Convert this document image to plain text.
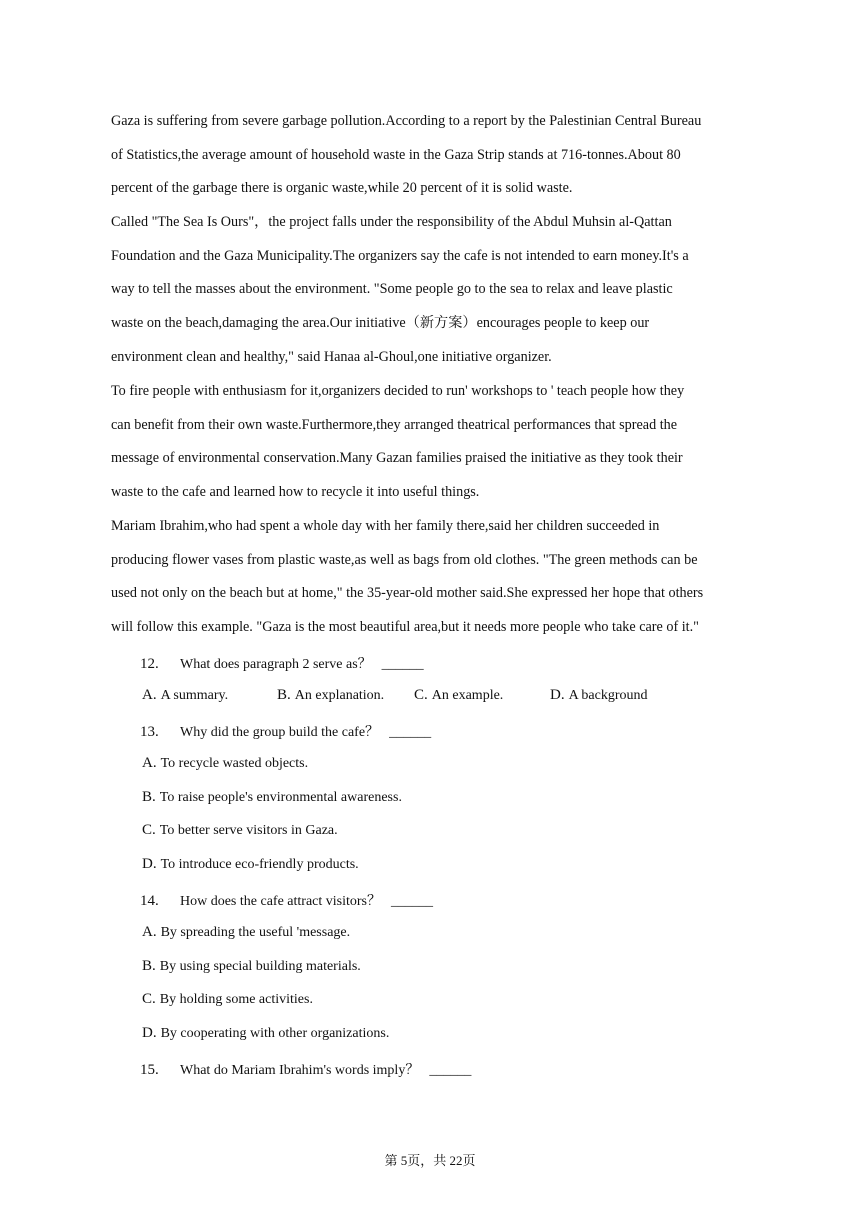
Gaza is suffering from severe garbage pollution.According to a report by the Palestinian Central Bureau
of Statistics,the average amount of household waste in the Gaza Strip stands at 716-tonnes.About 80
percent of the garbage there is organic waste,while 20 percent of it is solid waste.

Called "The Sea Is Ours"，the project falls under the responsibility of the Abdul Muhsin al-Qattan
Foundation and the Gaza Municipality.The organizers say the cafe is not intended to earn money.It's a
way to tell the masses about the environment. "Some people go to the sea to relax and leave plastic
waste on the beach,damaging the area.Our initiative（新方案）encourages people to keep our
environment clean and healthy," said Hanaa al-Ghoul,one initiative organizer.

To fire people with enthusiasm for it,organizers decided to run' workshops to ' teach people how they
can benefit from their own waste.Furthermore,they arranged theatrical performances that spread the
message of environmental conservation.Many Gazan families praised the initiative as they took their
waste to the cafe and learned how to recycle it into useful things.

Mariam Ibrahim,who had spent a whole day with her family there,said her children succeeded in
producing flower vases from plastic waste,as well as bags from old clothes. "The green methods can be
used not only on the beach but at home," the 35-year-old mother said.She expressed her hope that others
will follow this example. "Gaza is the most beautiful area,but it needs more people who take care of it."

12. What does paragraph 2 serve as？ ______
A. A summary.	B. An explanation. C. An example.	D. A background
13. Why did the group build the cafe？ ______
A. To recycle wasted objects.
B. To raise people's environmental awareness.
C. To better serve visitors in Gaza.
D. To introduce eco-friendly products.
14. How does the cafe attract visitors？ ______
A. By spreading the useful 'message.
B. By using special building materials.
C. By holding some activities.
D. By cooperating with other organizations.
15. What do Mariam Ibrahim's words imply？ ______
第 5页，共 22页
